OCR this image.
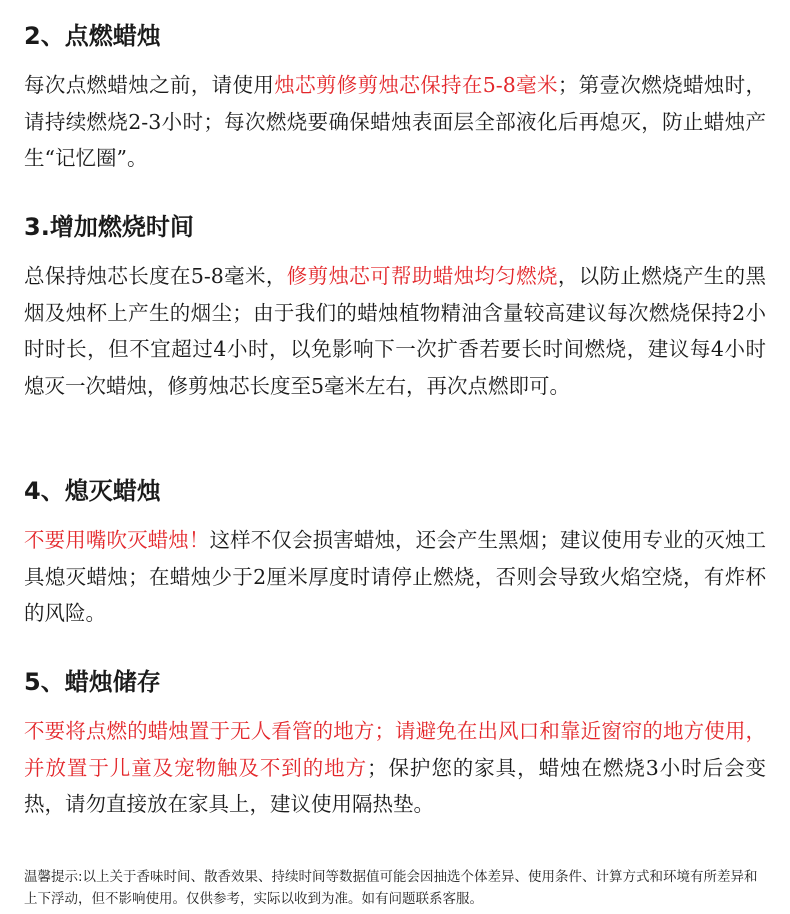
2、点燃蜡烛

每次点燃蜡烛之前，请使用烛芯剪修剪烛芯保持在5-8毫米；第壹次燃烧蜡烛时，请持续燃烧2-3小时；每次燃烧要确保蜡烛表面层全部液化后再熄灭，防止蜡烛产生“记忆圈”。

3.增加燃烧时间

总保持烛芯长度在5-8毫米，修剪烛芯可帮助蜡烛均匀燃烧，以防止燃烧产生的黑烟及烛杯上产生的烟尘；由于我们的蜡烛植物精油含量较高建议每次燃烧保持2小时时长，但不宜超过4小时，以免影响下一次扩香若要长时间燃烧，建议每4小时熄灭一次蜡烛，修剪烛芯长度至5毫米左右，再次点燃即可。

4、熄灭蜡烛

不要用嘴吹灭蜡烛！这样不仅会损害蜡烛，还会产生黑烟；建议使用专业的灭烛工具熄灭蜡烛；在蜡烛少于2厘米厚度时请停止燃烧，否则会导致火焰空烧，有炸杯的风险。

5、蜡烛储存

不要将点燃的蜡烛置于无人看管的地方；请避免在出风口和靠近窗帘的地方使用，并放置于儿童及宠物触及不到的地方；保护您的家具，蜡烛在燃烧3小时后会变热，请勿直接放在家具上，建议使用隔热垫。

温馨提示:以上关于香味时间、散香效果、持续时间等数据值可能会因抽选个体差异、使用条件、计算方式和环境有所差异和上下浮动，但不影响使用。仅供参考，实际以收到为准。如有问题联系客服。
